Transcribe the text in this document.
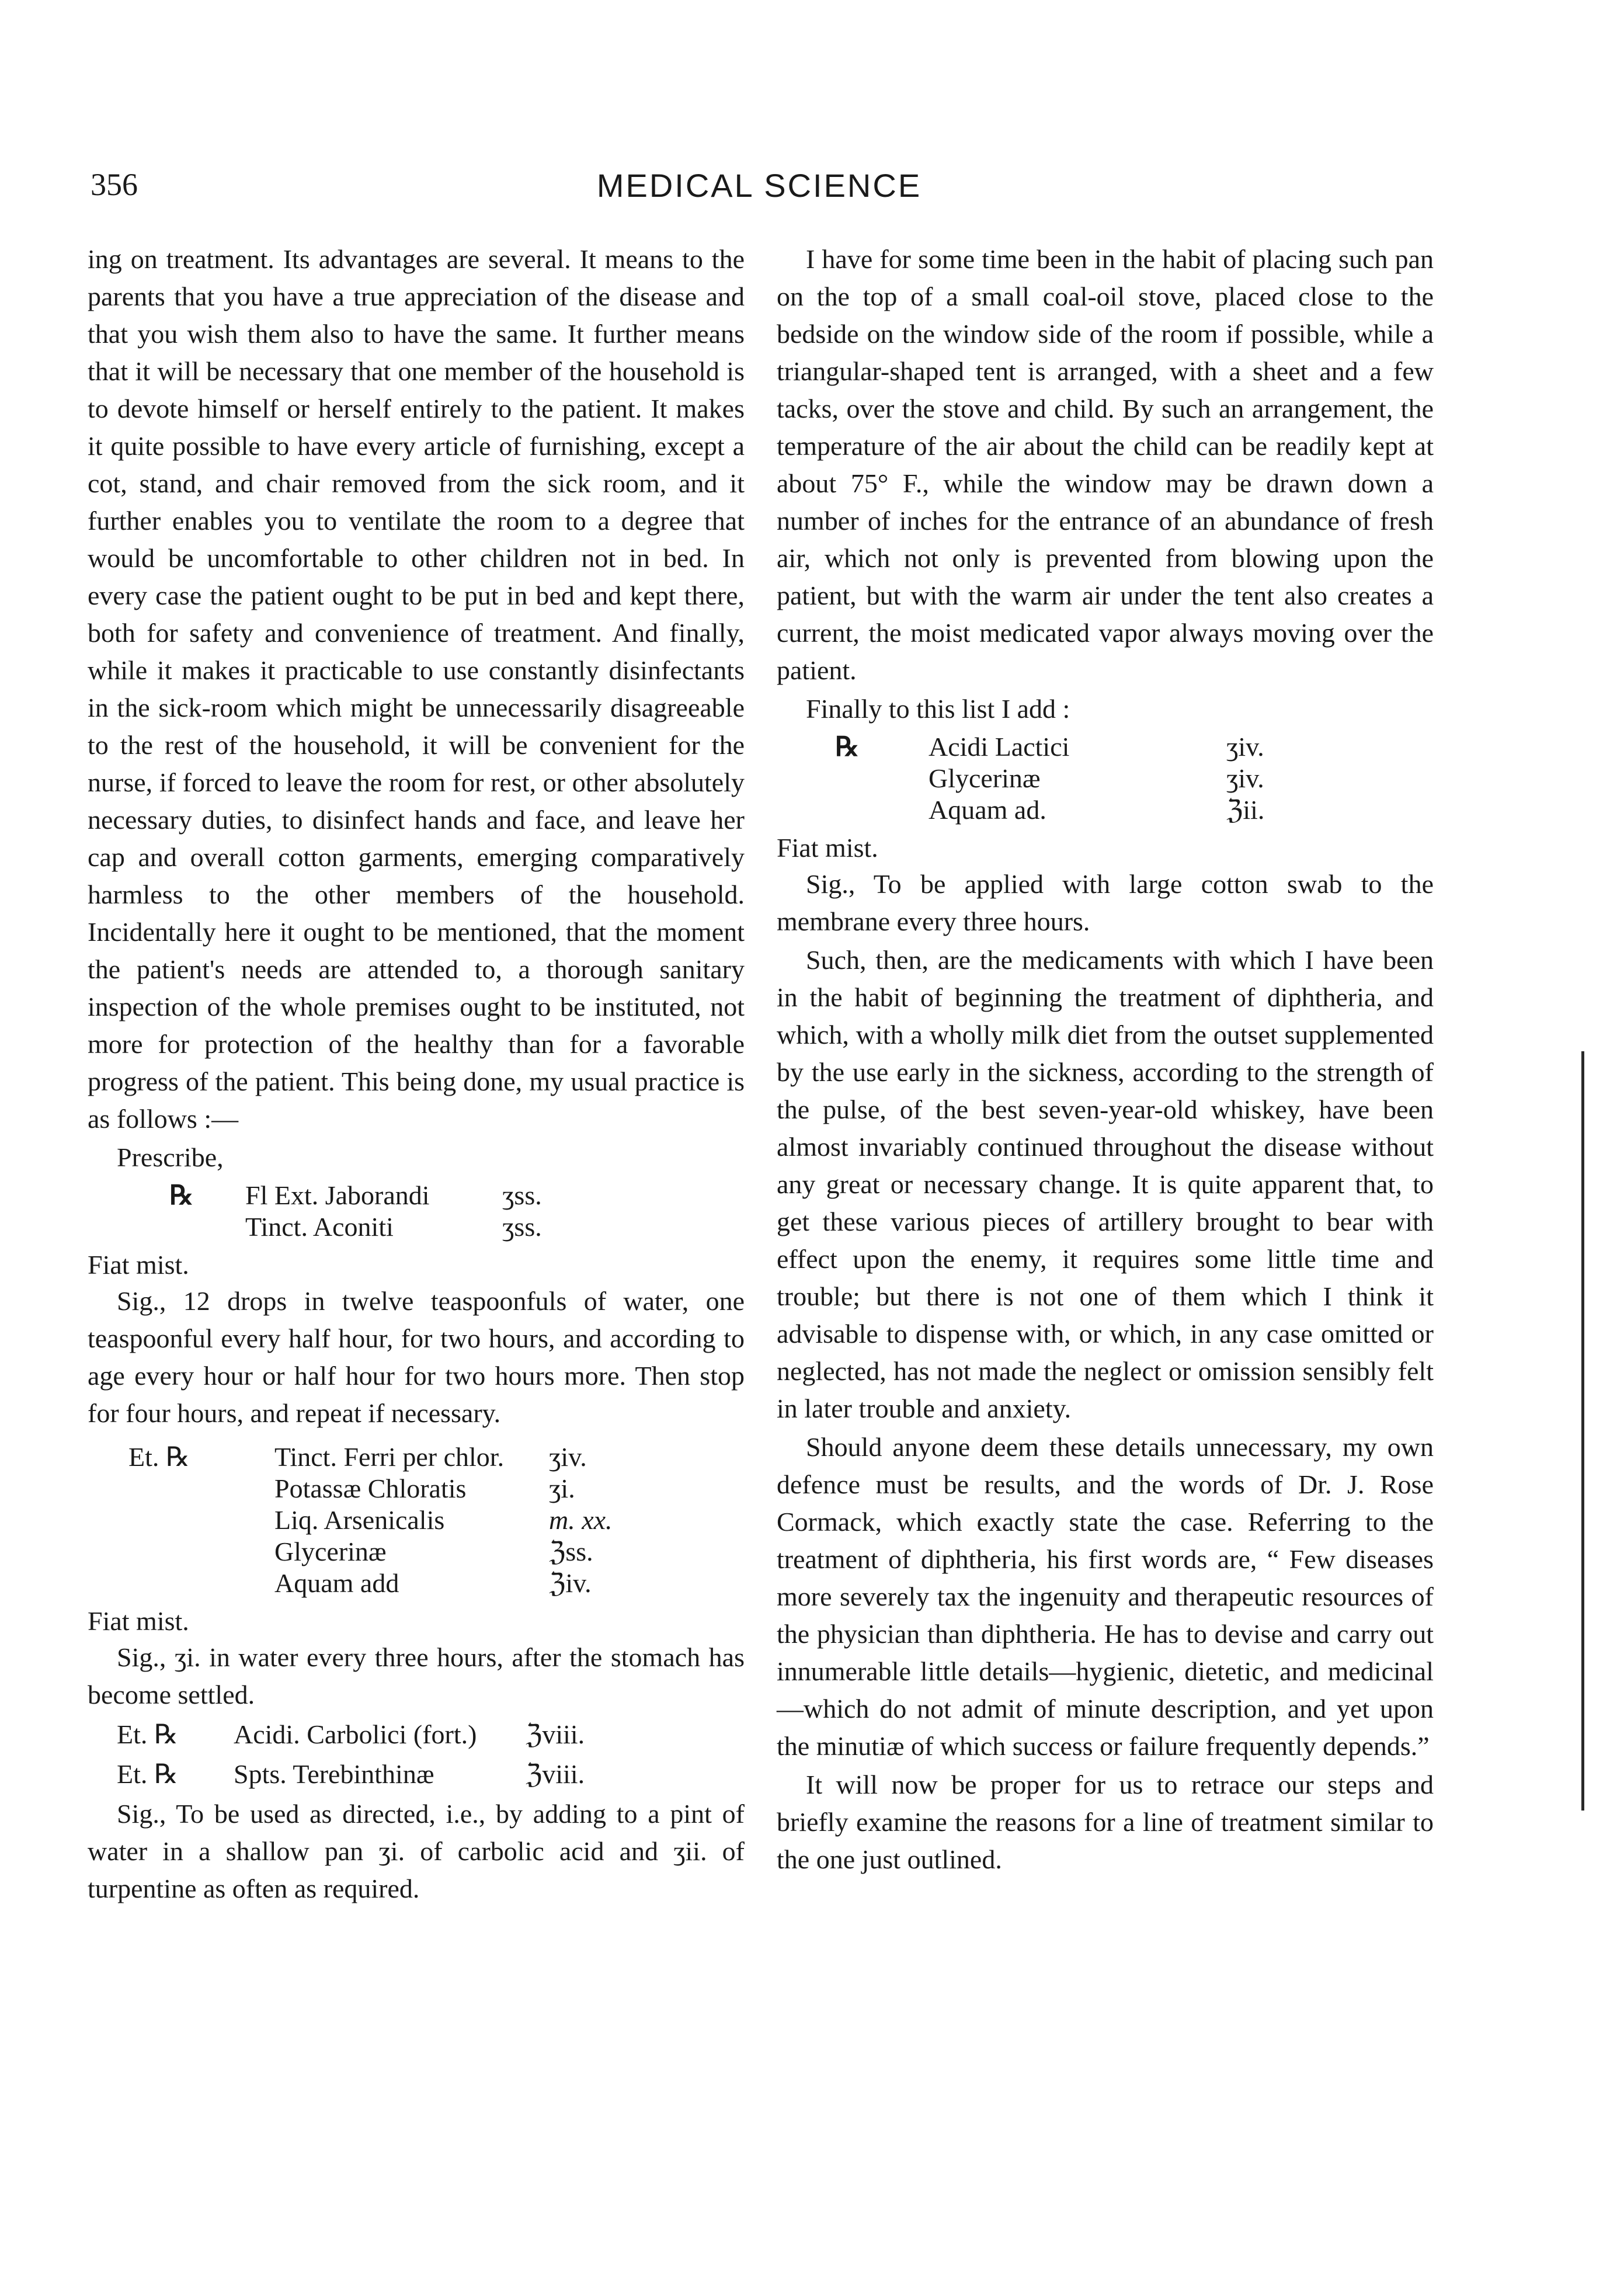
356	MEDICAL SCIENCE

ing on treatment. Its advantages are several. It means to the parents that you have a true appreciation of the disease and that you wish them also to have the same. It further means that it will be necessary that one member of the household is to devote himself or herself entirely to the patient. It makes it quite possible to have every article of furnishing, except a cot, stand, and chair removed from the sick room, and it further enables you to ventilate the room to a degree that would be uncomfortable to other children not in bed. In every case the patient ought to be put in bed and kept there, both for safety and convenience of treatment. And finally, while it makes it practicable to use constantly disinfectants in the sick-room which might be unnecessarily disagreeable to the rest of the household, it will be convenient for the nurse, if forced to leave the room for rest, or other absolutely necessary duties, to disinfect hands and face, and leave her cap and overall cotton garments, emerging comparatively harmless to the other members of the household. Incidentally here it ought to be mentioned, that the moment the patient's needs are attended to, a thorough sanitary inspection of the whole premises ought to be instituted, not more for protection of the healthy than for a favorable progress of the patient. This being done, my usual practice is as follows :—

Prescribe,
℞	Fl Ext. Jaborandi	ʒss.
Tinct. Aconiti	ʒss.

Fiat mist.

Sig., 12 drops in twelve teaspoonfuls of water, one teaspoonful every half hour, for two hours, and according to age every hour or half hour for two hours more. Then stop for four hours, and repeat if necessary.

Et. ℞	Tinct. Ferri per chlor.	ʒiv.
Potassæ Chloratis	ʒi.
Liq. Arsenicalis	m. xx.
Glycerinæ	ℨss.
Aquam add	ℨiv.

Fiat mist.

Sig., ʒi. in water every three hours, after the stomach has become settled.

Et. ℞	Acidi. Carbolici (fort.)	ℨviii.
Et. ℞	Spts. Terebinthinæ	ℨviii.

Sig., To be used as directed, i.e., by adding to a pint of water in a shallow pan ʒi. of carbolic acid and ʒii. of turpentine as often as required.

I have for some time been in the habit of placing such pan on the top of a small coal-oil stove, placed close to the bedside on the window side of the room if possible, while a triangular-shaped tent is arranged, with a sheet and a few tacks, over the stove and child. By such an arrangement, the temperature of the air about the child can be readily kept at about 75° F., while the window may be drawn down a number of inches for the entrance of an abundance of fresh air, which not only is prevented from blowing upon the patient, but with the warm air under the tent also creates a current, the moist medicated vapor always moving over the patient.

Finally to this list I add :

℞	Acidi Lactici	ʒiv.
Glycerinæ	ʒiv.
Aquam ad.	ℨii.

Fiat mist.

Sig., To be applied with large cotton swab to the membrane every three hours.

Such, then, are the medicaments with which I have been in the habit of beginning the treatment of diphtheria, and which, with a wholly milk diet from the outset supplemented by the use early in the sickness, according to the strength of the pulse, of the best seven-year-old whiskey, have been almost invariably continued throughout the disease without any great or necessary change. It is quite apparent that, to get these various pieces of artillery brought to bear with effect upon the enemy, it requires some little time and trouble; but there is not one of them which I think it advisable to dispense with, or which, in any case omitted or neglected, has not made the neglect or omission sensibly felt in later trouble and anxiety.

Should anyone deem these details unnecessary, my own defence must be results, and the words of Dr. J. Rose Cormack, which exactly state the case. Referring to the treatment of diphtheria, his first words are, “ Few diseases more severely tax the ingenuity and therapeutic resources of the physician than diphtheria. He has to devise and carry out innumerable little details—hygienic, dietetic, and medicinal—which do not admit of minute description, and yet upon the minutiæ of which success or failure frequently depends.”

It will now be proper for us to retrace our steps and briefly examine the reasons for a line of treatment similar to the one just outlined.
